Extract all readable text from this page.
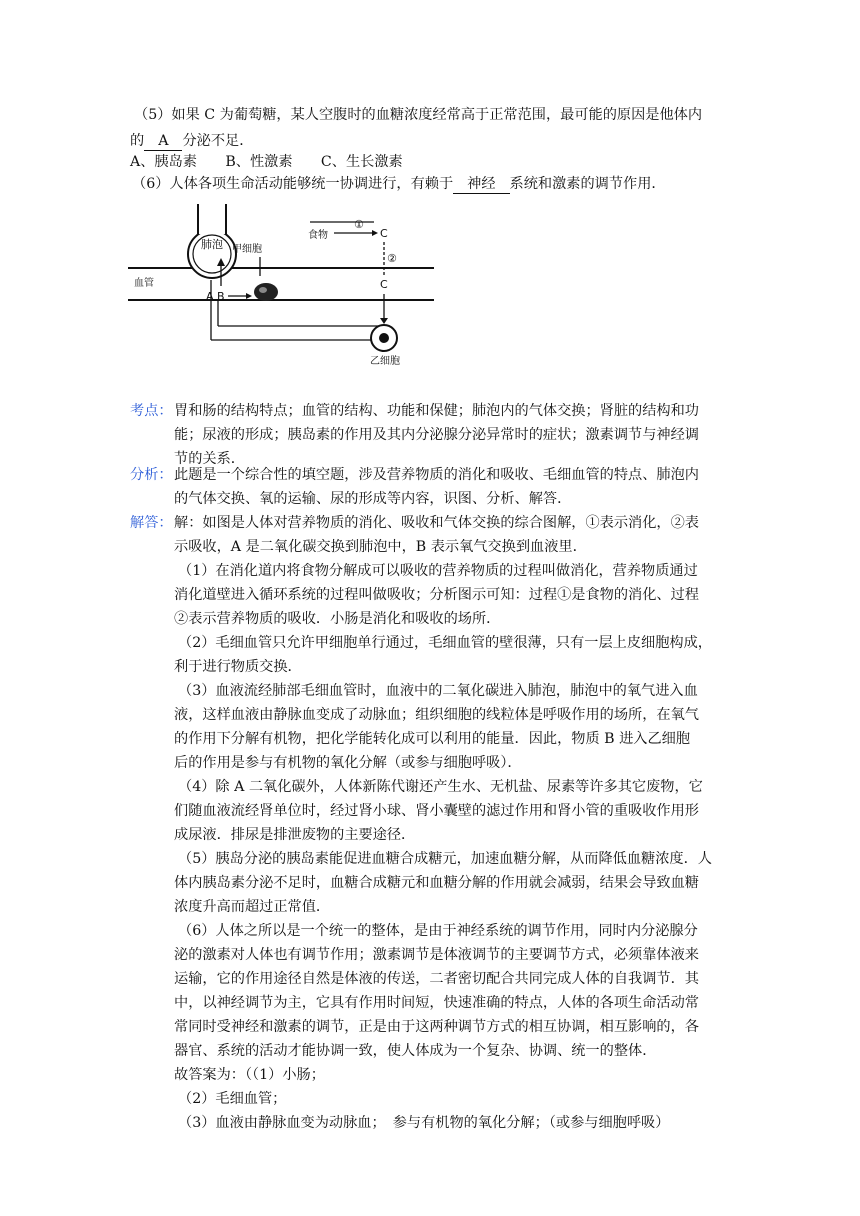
（5）如果 C 为葡萄糖，某人空腹时的血糖浓度经常高于正常范围，最可能的原因是他体内
的 A 分泌不足．
A、胰岛素　　B、性激素　　C、生长激素
（6）人体各项生命活动能够统一协调进行，有赖于 神经 系统和激素的调节作用．
肺泡 甲细胞
血管
A B
食物
①
C
②
C
乙细胞
考点： 胃和肠的结构特点；血管的结构、功能和保健；肺泡内的气体交换；肾脏的结构和功
能；尿液的形成；胰岛素的作用及其内分泌腺分泌异常时的症状；激素调节与神经调
节的关系．
分析： 此题是一个综合性的填空题，涉及营养物质的消化和吸收、毛细血管的特点、肺泡内
的气体交换、氧的运输、尿的形成等内容，识图、分析、解答．
解答： 解：如图是人体对营养物质的消化、吸收和气体交换的综合图解，①表示消化，②表
示吸收，A 是二氧化碳交换到肺泡中，B 表示氧气交换到血液里．
（1）在消化道内将食物分解成可以吸收的营养物质的过程叫做消化，营养物质通过
消化道壁进入循环系统的过程叫做吸收；分析图示可知：过程①是食物的消化、过程
②表示营养物质的吸收．小肠是消化和吸收的场所．
（2）毛细血管只允许甲细胞单行通过，毛细血管的壁很薄，只有一层上皮细胞构成，
利于进行物质交换．
（3）血液流经肺部毛细血管时，血液中的二氧化碳进入肺泡，肺泡中的氧气进入血
液，这样血液由静脉血变成了动脉血；组织细胞的线粒体是呼吸作用的场所，在氧气
的作用下分解有机物，把化学能转化成可以利用的能量．因此，物质 B 进入乙细胞
后的作用是参与有机物的氧化分解（或参与细胞呼吸）．
（4）除 A 二氧化碳外，人体新陈代谢还产生水、无机盐、尿素等许多其它废物，它
们随血液流经肾单位时，经过肾小球、肾小囊壁的滤过作用和肾小管的重吸收作用形
成尿液．排尿是排泄废物的主要途径．
（5）胰岛分泌的胰岛素能促进血糖合成糖元，加速血糖分解，从而降低血糖浓度．人
体内胰岛素分泌不足时，血糖合成糖元和血糖分解的作用就会减弱，结果会导致血糖
浓度升高而超过正常值．
（6）人体之所以是一个统一的整体，是由于神经系统的调节作用，同时内分泌腺分
泌的激素对人体也有调节作用；激素调节是体液调节的主要调节方式，必须靠体液来
运输，它的作用途径自然是体液的传送，二者密切配合共同完成人体的自我调节．其
中，以神经调节为主，它具有作用时间短，快速准确的特点，人体的各项生命活动常
常同时受神经和激素的调节，正是由于这两种调节方式的相互协调，相互影响的，各
器官、系统的活动才能协调一致，使人体成为一个复杂、协调、统一的整体．
故答案为：（（1）小肠；
（2）毛细血管；
（3）血液由静脉血变为动脉血；　参与有机物的氧化分解；（或参与细胞呼吸）
